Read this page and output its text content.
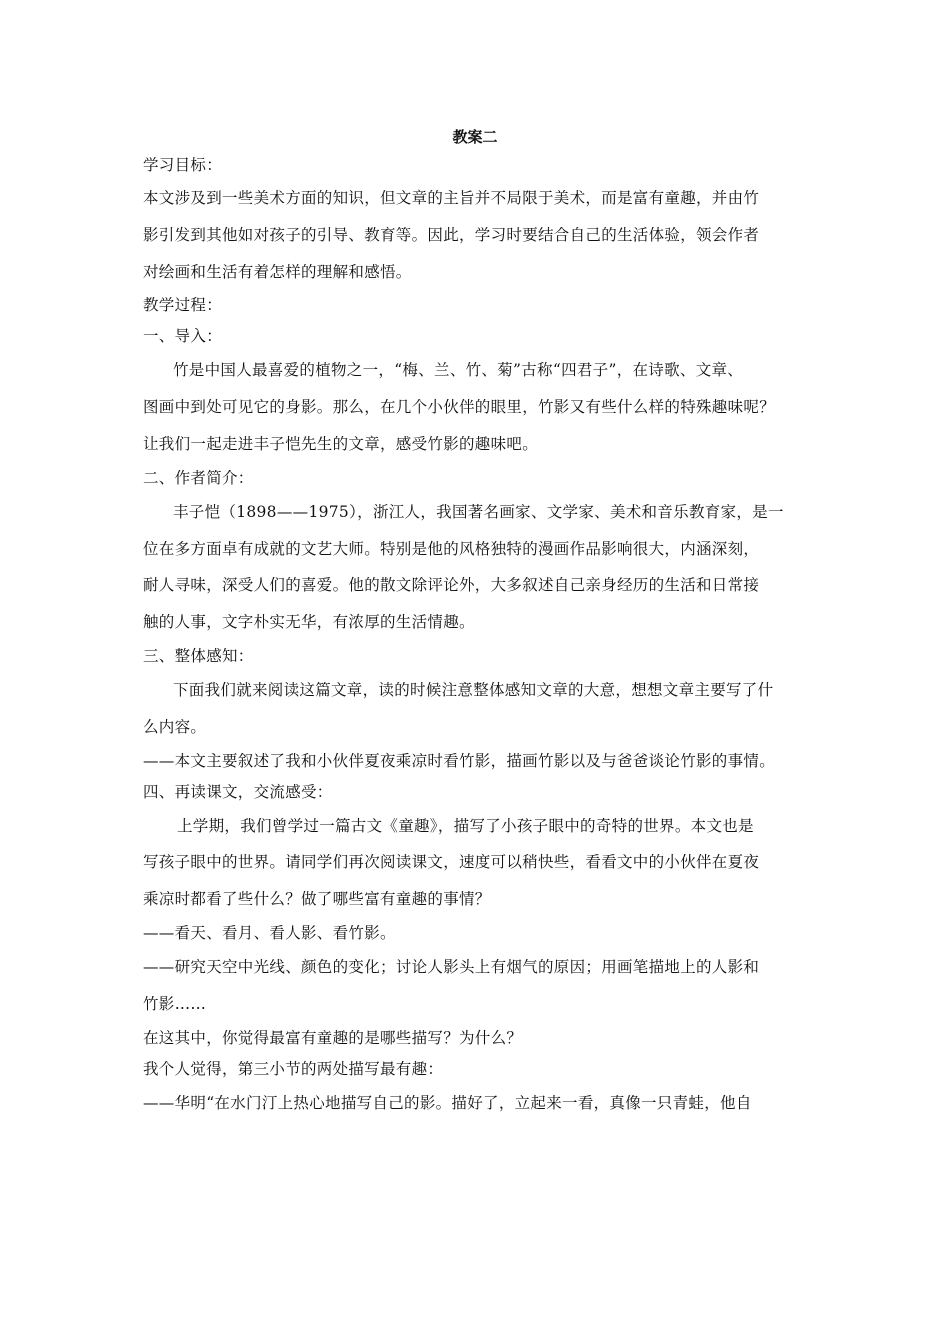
教案二

学习目标：

本文涉及到一些美术方面的知识，但文章的主旨并不局限于美术，而是富有童趣，并由竹

影引发到其他如对孩子的引导、教育等。因此，学习时要结合自己的生活体验，领会作者

对绘画和生活有着怎样的理解和感悟。

教学过程：

一、导入：

竹是中国人最喜爱的植物之一，“梅、兰、竹、菊”古称“四君子”，在诗歌、文章、

图画中到处可见它的身影。那么，在几个小伙伴的眼里，竹影又有些什么样的特殊趣味呢？

让我们一起走进丰子恺先生的文章，感受竹影的趣味吧。

二、作者简介：

丰子恺（1898——1975），浙江人，我国著名画家、文学家、美术和音乐教育家，是一

位在多方面卓有成就的文艺大师。特别是他的风格独特的漫画作品影响很大，内涵深刻，

耐人寻味，深受人们的喜爱。他的散文除评论外，大多叙述自己亲身经历的生活和日常接

触的人事，文字朴实无华，有浓厚的生活情趣。

三、整体感知：

下面我们就来阅读这篇文章，读的时候注意整体感知文章的大意，想想文章主要写了什

么内容。

——本文主要叙述了我和小伙伴夏夜乘凉时看竹影，描画竹影以及与爸爸谈论竹影的事情。

四、再读课文，交流感受：

上学期，我们曾学过一篇古文《童趣》，描写了小孩子眼中的奇特的世界。本文也是

写孩子眼中的世界。请同学们再次阅读课文，速度可以稍快些，看看文中的小伙伴在夏夜

乘凉时都看了些什么？做了哪些富有童趣的事情？

——看天、看月、看人影、看竹影。

——研究天空中光线、颜色的变化；讨论人影头上有烟气的原因；用画笔描地上的人影和

竹影……

在这其中，你觉得最富有童趣的是哪些描写？为什么？

我个人觉得，第三小节的两处描写最有趣：

——华明“在水门汀上热心地描写自己的影。描好了，立起来一看，真像一只青蛙，他自
